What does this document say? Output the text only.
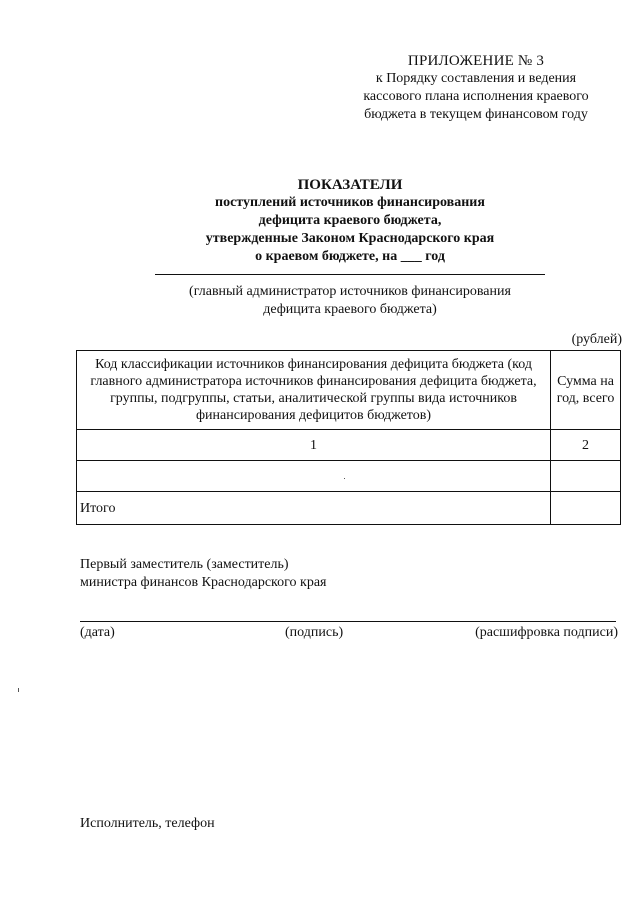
ПРИЛОЖЕНИЕ № 3
к Порядку составления и ведения
кассового плана исполнения краевого
бюджета в текущем финансовом году
ПОКАЗАТЕЛИ
поступлений источников финансирования
дефицита краевого бюджета,
утвержденные Законом Краснодарского края
о краевом бюджете, на ___ год
(главный администратор источников финансирования
дефицита краевого бюджета)
(рублей)
Код классификации источников финансирования дефицита бюджета (код главного администратора источников финансирования дефицита бюджета, группы, подгруппы, статьи, аналитической группы вида источников финансирования дефицитов бюджетов)	Сумма на год, всего
1	2

Итого	
Первый заместитель (заместитель)
министра финансов Краснодарского края
(дата)	(подпись)	(расшифровка подписи)
Исполнитель, телефон
